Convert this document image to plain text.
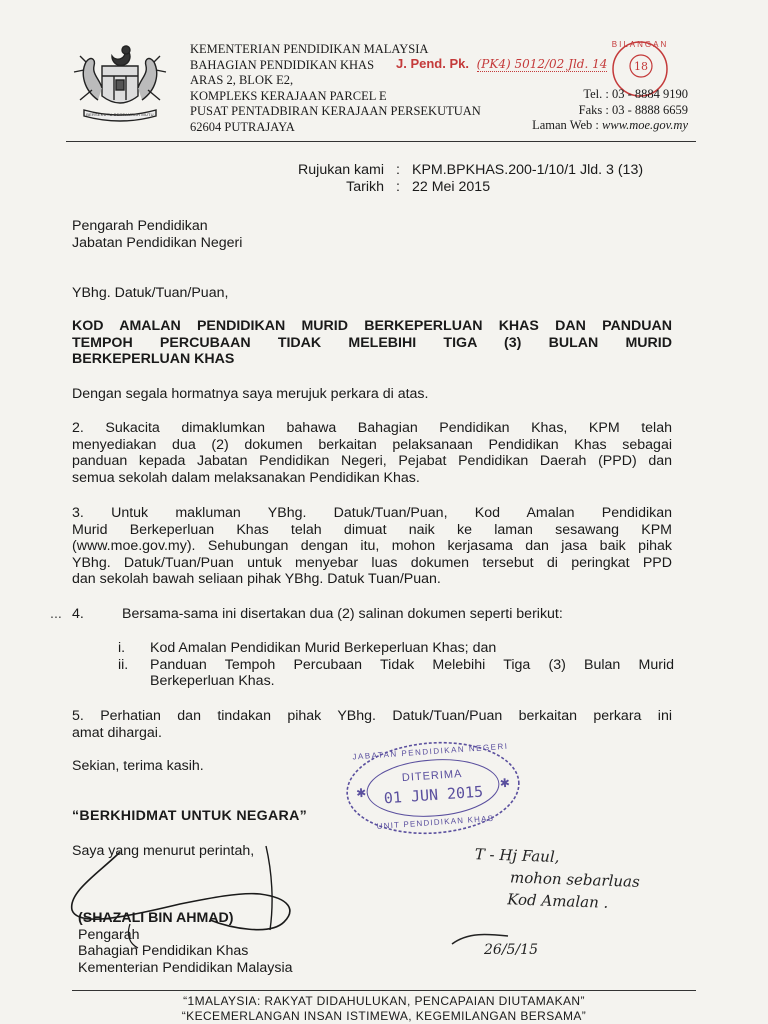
BERSEKUTU BERTAMBAH MUTU
KEMENTERIAN PENDIDIKAN MALAYSIA
BAHAGIAN PENDIDIKAN KHAS
ARAS 2, BLOK E2,
KOMPLEKS KERAJAAN PARCEL E
PUSAT PENTADBIRAN KERAJAAN PERSEKUTUAN
62604 PUTRAJAYA
J. Pend. Pk. (PK4) 5012/02 Jld. 14
BILANGAN
18
Tel. : 03 - 8884 9190
Faks : 03 - 8888 6659
Laman Web : www.moe.gov.my
Rujukan kami : KPM.BPKHAS.200-1/10/1 Jld. 3 (13)
Tarikh : 22 Mei 2015
Pengarah Pendidikan
Jabatan Pendidikan Negeri
YBhg. Datuk/Tuan/Puan,
KOD AMALAN PENDIDIKAN MURID BERKEPERLUAN KHAS DAN PANDUAN
TEMPOH PERCUBAAN TIDAK MELEBIHI TIGA (3) BULAN MURID
BERKEPERLUAN KHAS
Dengan segala hormatnya saya merujuk perkara di atas.
2. Sukacita dimaklumkan bahawa Bahagian Pendidikan Khas, KPM telah
menyediakan dua (2) dokumen berkaitan pelaksanaan Pendidikan Khas sebagai
panduan kepada Jabatan Pendidikan Negeri, Pejabat Pendidikan Daerah (PPD) dan
semua sekolah dalam melaksanakan Pendidikan Khas.
3. Untuk makluman YBhg. Datuk/Tuan/Puan, Kod Amalan Pendidikan
Murid Berkeperluan Khas telah dimuat naik ke laman sesawang KPM
(www.moe.gov.my). Sehubungan dengan itu, mohon kerjasama dan jasa baik pihak
YBhg. Datuk/Tuan/Puan untuk menyebar luas dokumen tersebut di peringkat PPD
dan sekolah bawah seliaan pihak YBhg. Datuk Tuan/Puan.
... 4.	Bersama-sama ini disertakan dua (2) salinan dokumen seperti berikut:
i.	Kod Amalan Pendidikan Murid Berkeperluan Khas; dan
ii.	Panduan Tempoh Percubaan Tidak Melebihi Tiga (3) Bulan Murid
Berkeperluan Khas.
5. Perhatian dan tindakan pihak YBhg. Datuk/Tuan/Puan berkaitan perkara ini
amat dihargai.
Sekian, terima kasih.
“BERKHIDMAT UNTUK NEGARA”
Saya yang menurut perintah,
(SHAZALI BIN AHMAD)
Pengarah
Bahagian Pendidikan Khas
Kementerian Pendidikan Malaysia
✱
✱
JABATAN PENDIDIKAN NEGERI
DITERIMA
01 JUN 2015
UNIT PENDIDIKAN KHAS
T - Hj Faul,
mohon sebarluas
Kod Amalan .
26/5/15
“1MALAYSIA: RAKYAT DIDAHULUKAN, PENCAPAIAN DIUTAMAKAN”
“KECEMERLANGAN INSAN ISTIMEWA, KEGEMILANGAN BERSAMA”
